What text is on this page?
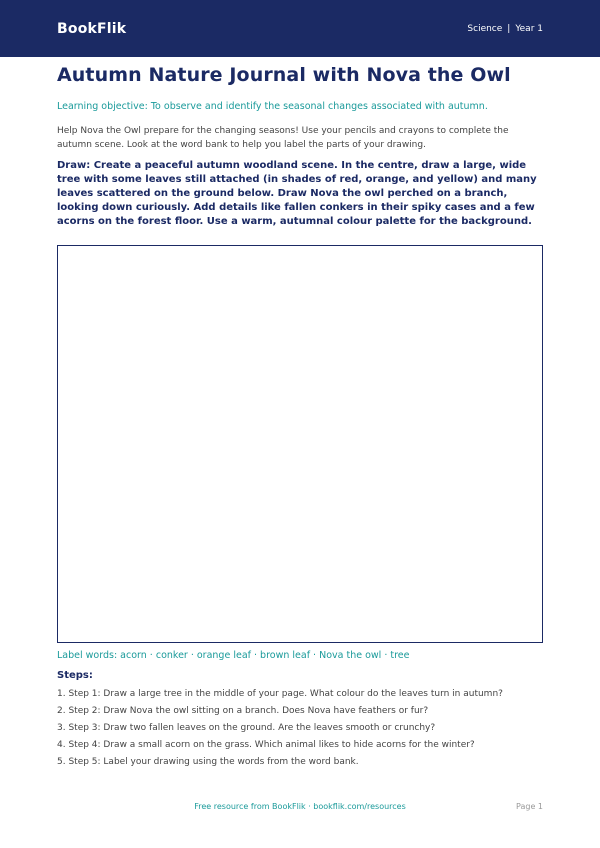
BookFlik	Science | Year 1
Autumn Nature Journal with Nova the Owl
Learning objective: To observe and identify the seasonal changes associated with autumn.
Help Nova the Owl prepare for the changing seasons! Use your pencils and crayons to complete the autumn scene. Look at the word bank to help you label the parts of your drawing.
Draw: Create a peaceful autumn woodland scene. In the centre, draw a large, wide tree with some leaves still attached (in shades of red, orange, and yellow) and many leaves scattered on the ground below. Draw Nova the owl perched on a branch, looking down curiously. Add details like fallen conkers in their spiky cases and a few acorns on the forest floor. Use a warm, autumnal colour palette for the background.
Label words: acorn · conker · orange leaf · brown leaf · Nova the owl · tree
Steps:
1. Step 1: Draw a large tree in the middle of your page. What colour do the leaves turn in autumn?
2. Step 2: Draw Nova the owl sitting on a branch. Does Nova have feathers or fur?
3. Step 3: Draw two fallen leaves on the ground. Are the leaves smooth or crunchy?
4. Step 4: Draw a small acorn on the grass. Which animal likes to hide acorns for the winter?
5. Step 5: Label your drawing using the words from the word bank.
Free resource from BookFlik · bookflik.com/resources	Page 1
